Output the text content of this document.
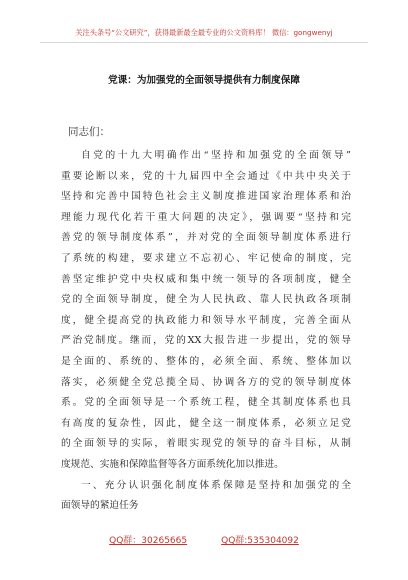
关注头条号“公文研究”，获得最新最全最专业的公文资料库！ 微信：gongwenyj
党课：为加强党的全面领导提供有力制度保障
同志们：
自党的十九大明确作出“坚持和加强党的全面领导”
重要论断以来，党的十九届四中全会通过《中共中央关于
坚持和完善中国特色社会主义制度推进国家治理体系和治
理能力现代化若干重大问题的决定》，强调要“坚持和完
善党的领导制度体系”，并对党的全面领导制度体系进行
了系统的构建，要求建立不忘初心、牢记使命的制度，完
善坚定维护党中央权威和集中统一领导的各项制度，健全
党的全面领导制度，健全为人民执政、靠人民执政各项制
度，健全提高党的执政能力和领导水平制度，完善全面从
严治党制度。继而，党的XX大报告进一步提出，党的领导
是全面的、系统的、整体的，必须全面、系统、整体加以
落实，必须健全党总揽全局、协调各方的党的领导制度体
系。党的全面领导是一个系统工程，健全其制度体系也具
有高度的复杂性，因此，健全这一制度体系，必须立足党
的全面领导的实际，着眼实现党的领导的奋斗目标，从制
度规范、实施和保障监督等各方面系统化加以推进。
一、充分认识强化制度体系保障是坚持和加强党的全
面领导的紧迫任务
QQ群：30265665	QQ群:535304092
